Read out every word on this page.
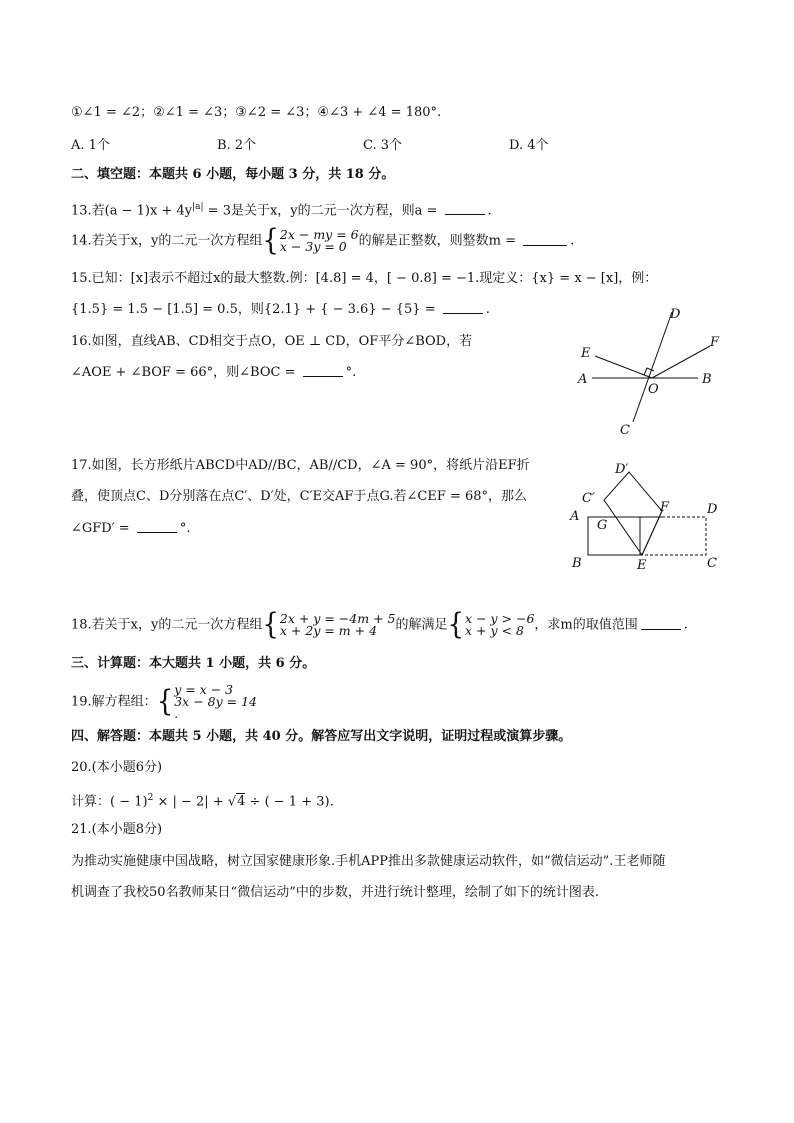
①∠1 = ∠2；②∠1 = ∠3；③∠2 = ∠3；④∠3 + ∠4 = 180°.
A. 1个	B. 2个	C. 3个	D. 4个
二、填空题：本题共 6 小题，每小题 3 分，共 18 分。
13.若$(a - 1)x + 4y^{|a|} = 3$是关于x，y的二元一次方程，则a =	.
14.若关于x，y的二元一次方程组{ 2x − my = 6
x − 3y = 0 的解是正整数，则整数m =	.
15.已知：[x]表示不超过x的最大整数.例：[4.8] = 4，[ − 0.8] = −1.现定义：{x} = x − [x]，例：
{1.5} = 1.5 − [1.5] = 0.5，则{2.1} + { − 3.6} − {5} =	.
16.如图，直线AB、CD相交于点O，OE ⊥ CD，OF平分∠BOD，若
∠AOE + ∠BOF = 66°，则∠BOC =	°.
D
E
F
A
O
B
C
17.如图，长方形纸片ABCD中AD//BC，AB//CD，∠A = 90°，将纸片沿EF折
叠，使顶点C、D分别落在点C′、D′处，C′E交AF于点G.若∠CEF = 68°，那么
∠GFD′ =	°.
D′
C′
A
G
F	D
B	E	C
18.若关于x，y的二元一次方程组{ 2x + y = −4m + 5
x + 2y = m + 4	的解满足{ x − y > −6
x + y < 8 ，求m的取值范围	.
三、计算题：本大题共 1 小题，共 6 分。
19.解方程组：{ y = x − 3
3x − 8y = 14
.
四、解答题：本题共 5 小题，共 40 分。解答应写出文字说明，证明过程或演算步骤。
20.(本小题6分)
计算：( − 1)$^2$ × | − 2| + √4 ÷ ( − 1 + 3).
21.(本小题8分)
为推动实施健康中国战略，树立国家健康形象.手机APP推出多款健康运动软件，如“微信运动”.王老师随
机调查了我校50名教师某日“微信运动”中的步数，并进行统计整理，绘制了如下的统计图表.
